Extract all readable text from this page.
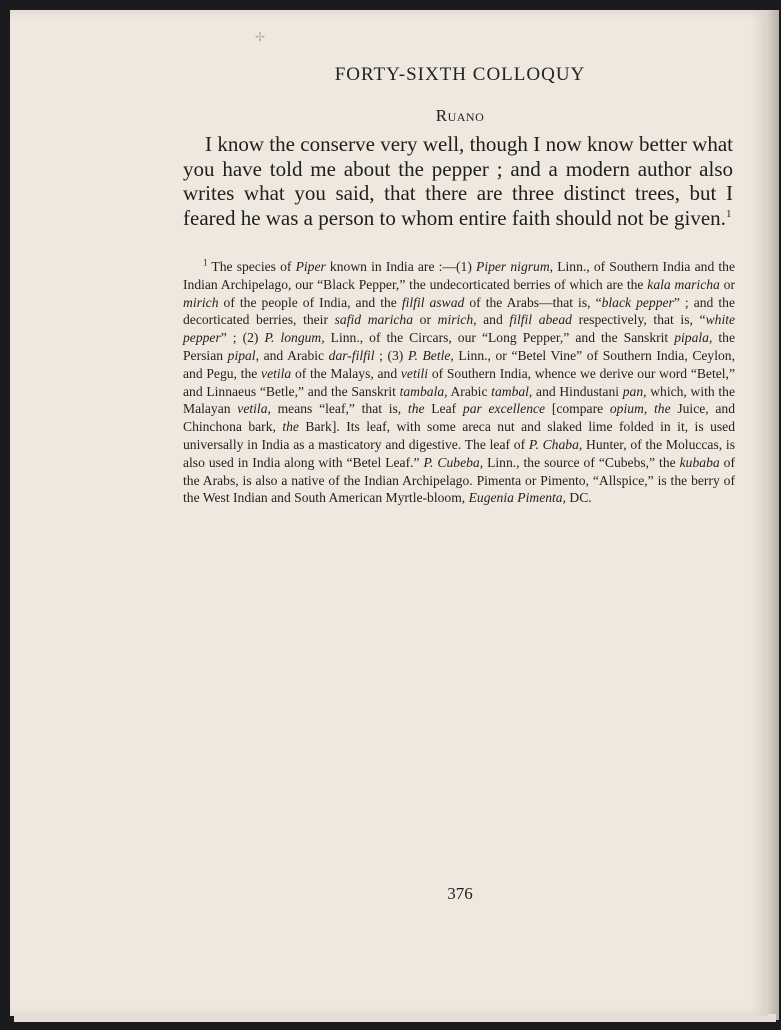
✢
FORTY-SIXTH COLLOQUY
Ruano

I know the conserve very well, though I now know better what you have told me about the pepper ; and a modern author also writes what you said, that there are three distinct trees, but I feared he was a person to whom entire faith should not be given.$^1$

$^1$ The species of Piper known in India are :—(1) Piper nigrum, Linn., of Southern India and the Indian Archipelago, our “Black Pepper,” the undecorticated berries of which are the kala maricha or mirich of the people of India, and the filfil aswad of the Arabs—that is, “black pepper” ; and the decorticated berries, their safid maricha or mirich, and filfil abead respectively, that is, “white pepper” ; (2) P. longum, Linn., of the Circars, our “Long Pepper,” and the Sanskrit pipala, the Persian pipal, and Arabic dar-filfil ; (3) P. Betle, Linn., or “Betel Vine” of Southern India, Ceylon, and Pegu, the vetila of the Malays, and vetili of Southern India, whence we derive our word “Betel,” and Linnaeus “Betle,” and the Sanskrit tambala, Arabic tambal, and Hindustani pan, which, with the Malayan vetila, means “leaf,” that is, the Leaf par excellence [compare opium, the Juice, and Chinchona bark, the Bark]. Its leaf, with some areca nut and slaked lime folded in it, is used universally in India as a masticatory and digestive. The leaf of P. Chaba, Hunter, of the Moluccas, is also used in India along with “Betel Leaf.” P. Cubeba, Linn., the source of “Cubebs,” the kubaba of the Arabs, is also a native of the Indian Archipelago. Pimenta or Pimento, “Allspice,” is the berry of the West Indian and South American Myrtle-bloom, Eugenia Pimenta, DC.

376
